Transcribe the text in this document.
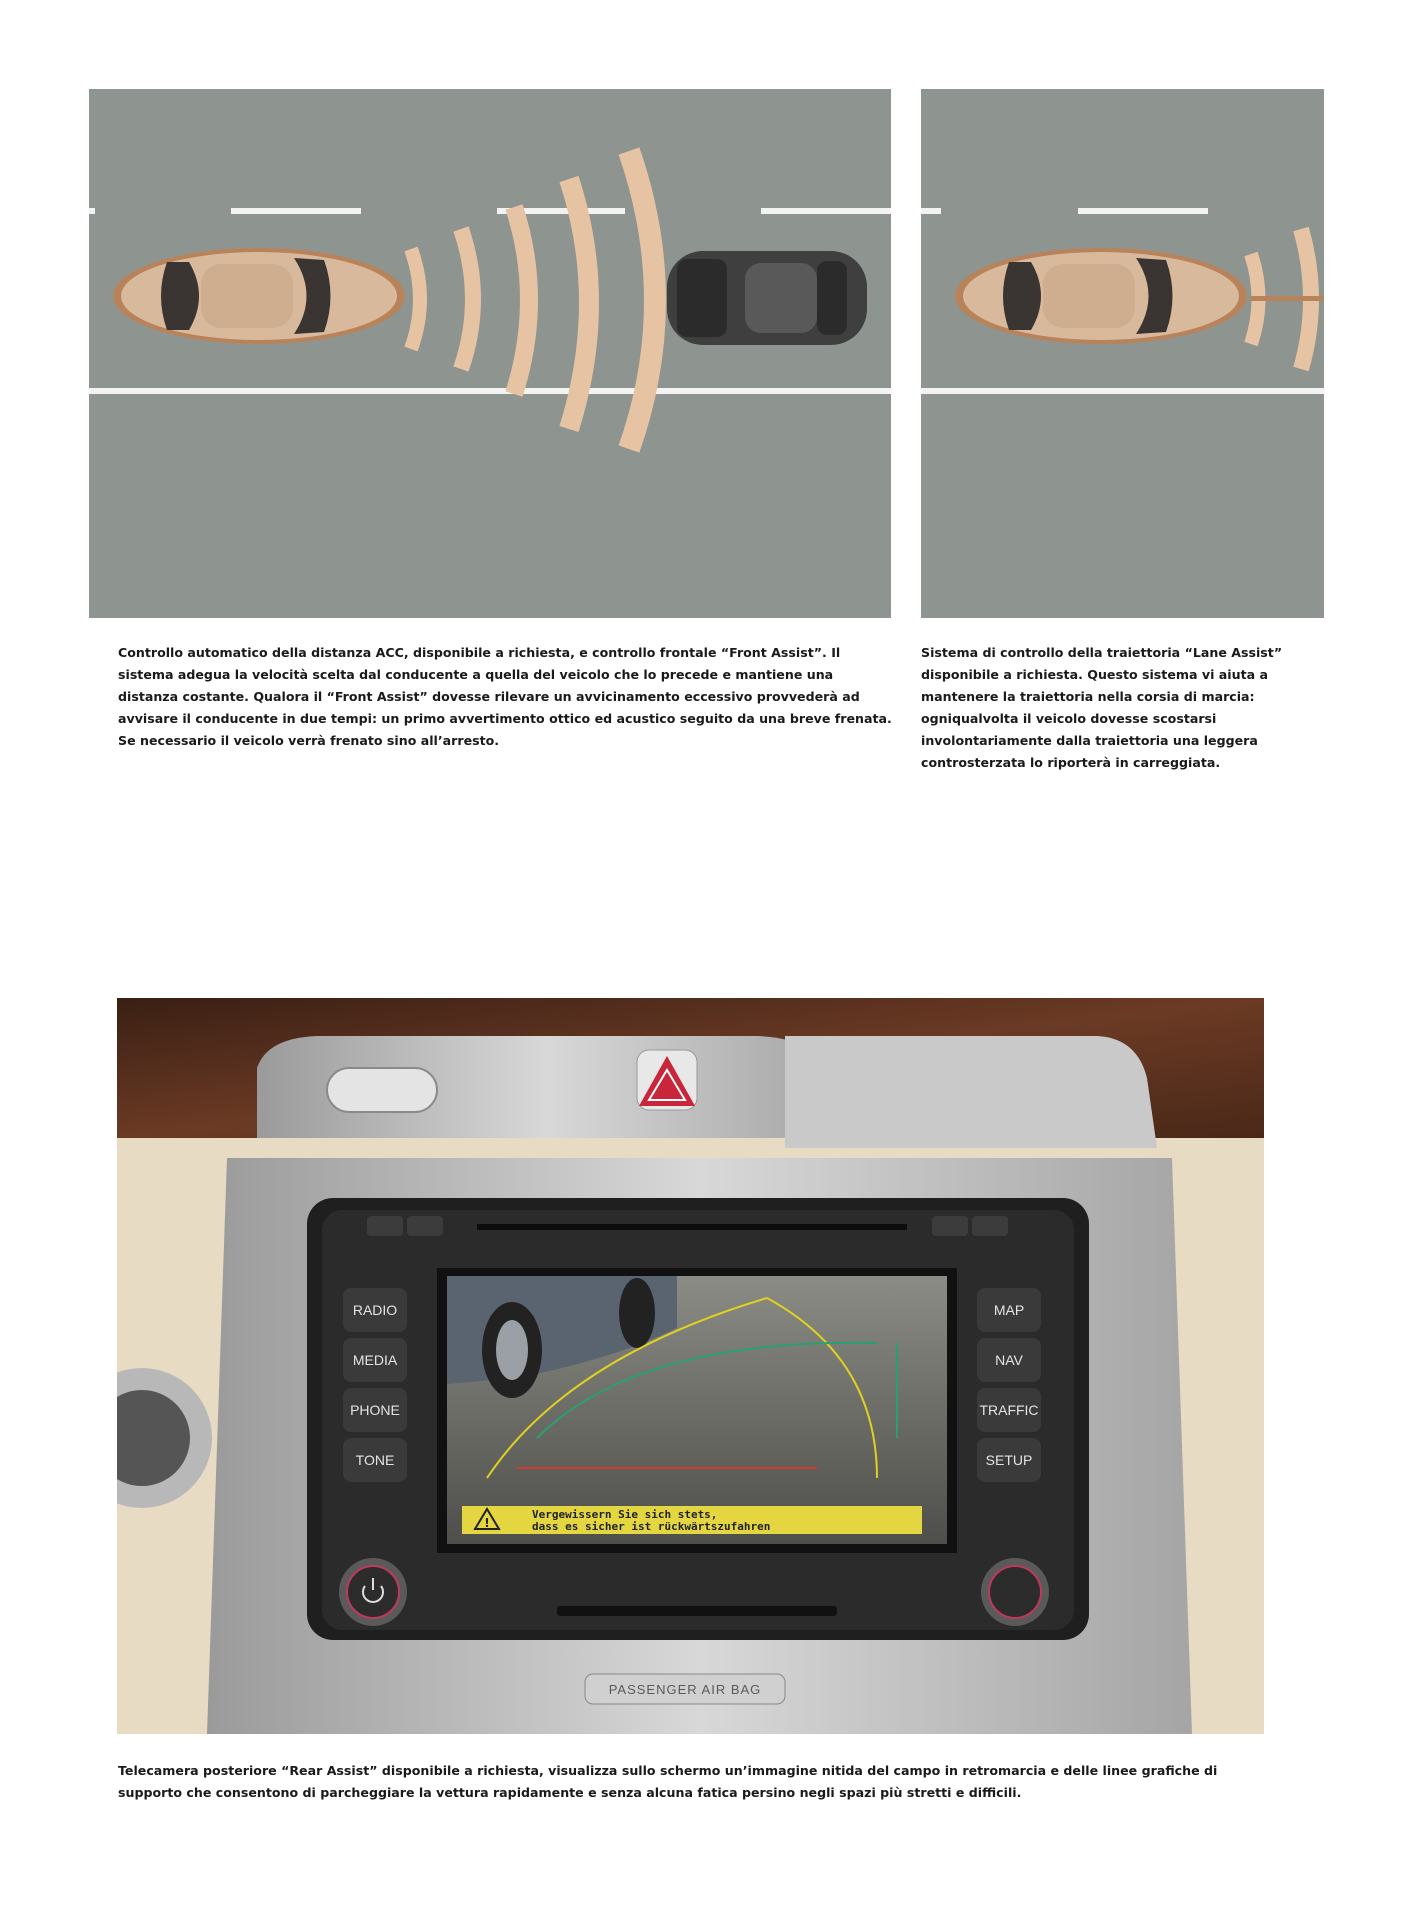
Controllo automatico della distanza ACC, disponibile a richiesta, e controllo frontale “Front Assist”. Il sistema adegua la velocità scelta dal conducente a quella del veicolo che lo precede e mantiene una distanza costante. Qualora il “Front Assist” dovesse rilevare un avvicinamento eccessivo provvederà ad avvisare il conducente in due tempi: un primo avvertimento ottico ed acustico seguito da una breve frenata. Se necessario il veicolo verrà frenato sino all’arresto.

Sistema di controllo della traiettoria “Lane Assist” disponibile a richiesta. Questo sistema vi aiuta a mantenere la traiettoria nella corsia di marcia: ogniqualvolta il veicolo dovesse scostarsi involontariamente dalla traiettoria una leggera controsterzata lo riporterà in carreggiata.

RADIO
MEDIA
PHONE
TONE
MAP
NAV
TRAFFIC
SETUP
!
Vergewissern Sie sich stets,
dass es sicher ist rückwärtszufahren
PASSENGER AIR BAG

Telecamera posteriore “Rear Assist” disponibile a richiesta, visualizza sullo schermo un’immagine nitida del campo in retromarcia e delle linee grafiche di supporto che consentono di parcheggiare la vettura rapidamente e senza alcuna fatica persino negli spazi più stretti e difficili.
